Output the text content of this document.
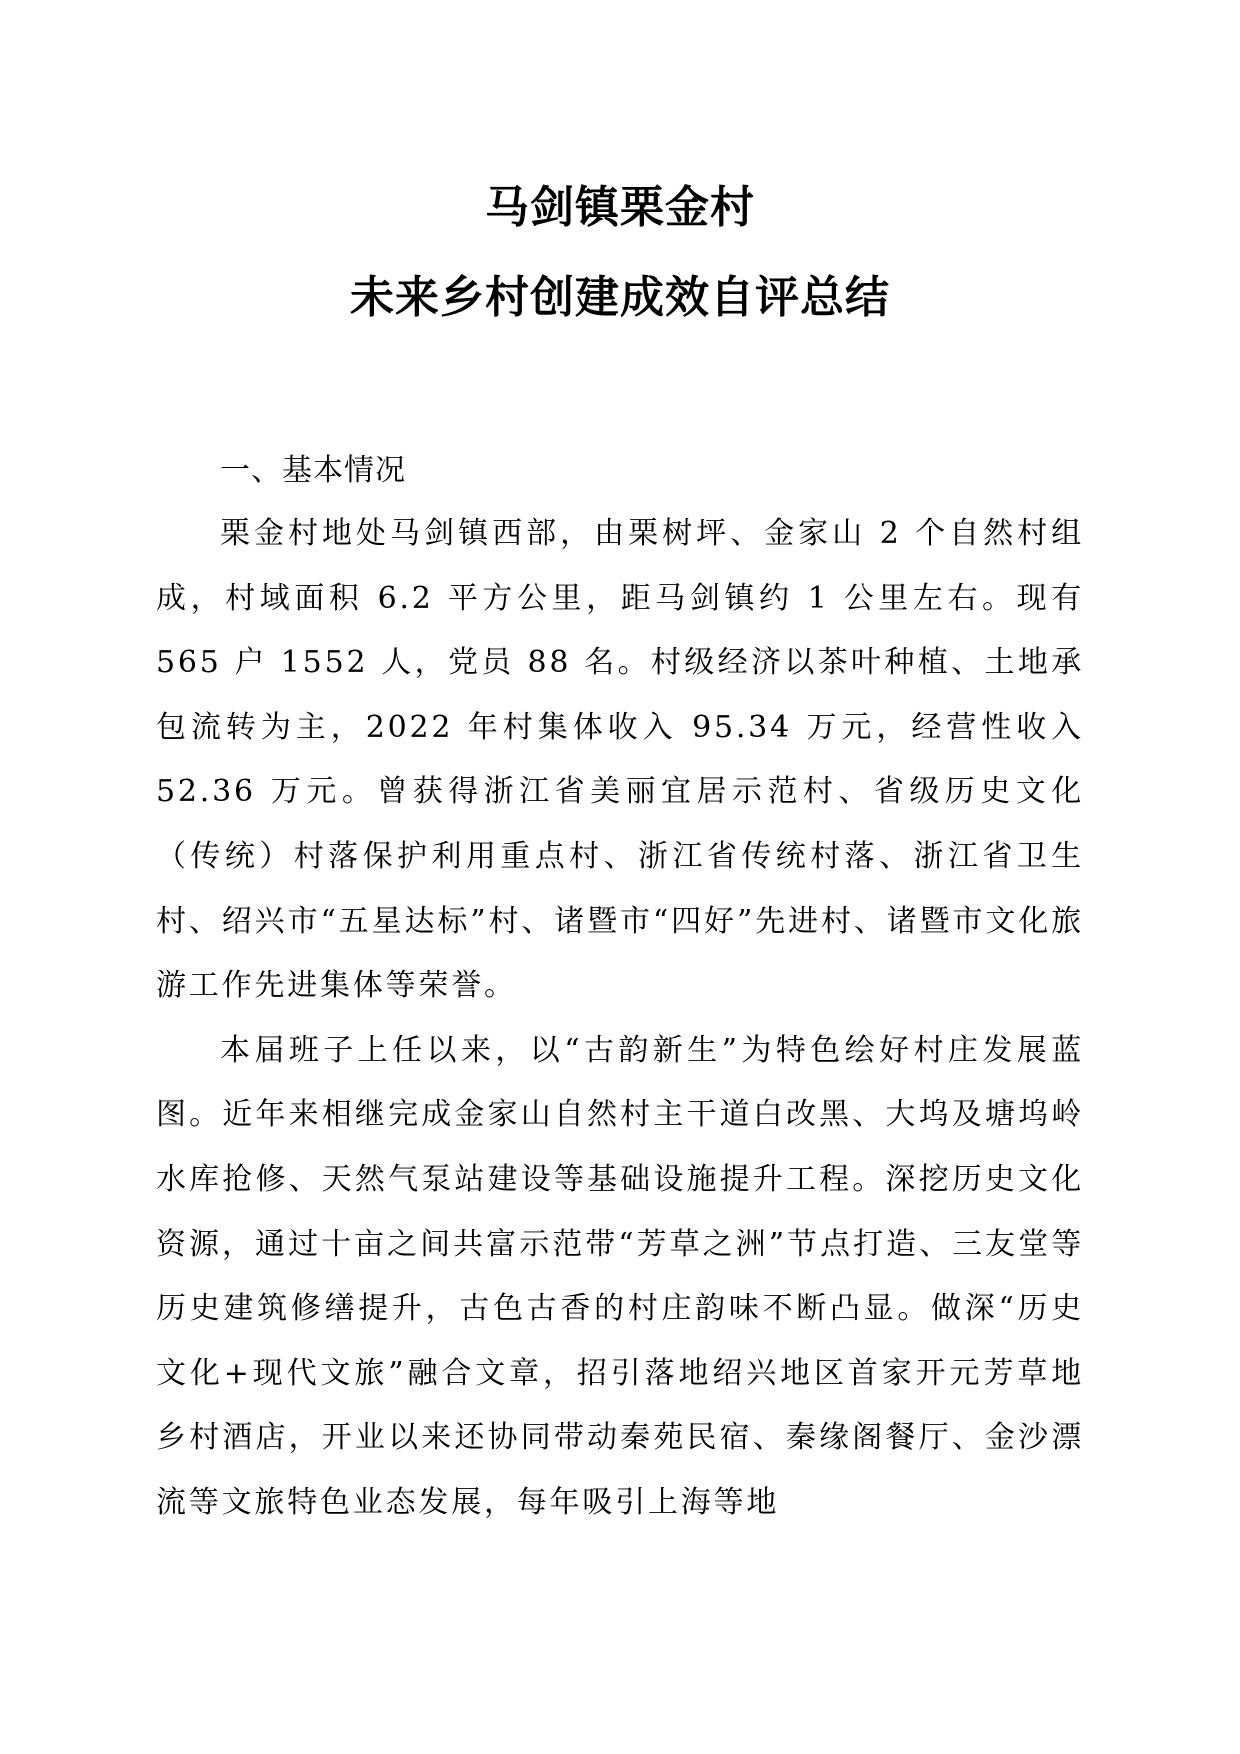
马剑镇栗金村
未来乡村创建成效自评总结

一、基本情况

栗金村地处马剑镇西部，由栗树坪、金家山 2 个自然村组成，村域面积 6.2 平方公里，距马剑镇约 1 公里左右。现有 565 户 1552 人，党员 88 名。村级经济以茶叶种植、土地承包流转为主，2022 年村集体收入 95.34 万元，经营性收入 52.36 万元。曾获得浙江省美丽宜居示范村、省级历史文化（传统）村落保护利用重点村、浙江省传统村落、浙江省卫生村、绍兴市“五星达标”村、诸暨市“四好”先进村、诸暨市文化旅游工作先进集体等荣誉。

本届班子上任以来，以“古韵新生”为特色绘好村庄发展蓝图。近年来相继完成金家山自然村主干道白改黑、大坞及塘坞岭水库抢修、天然气泵站建设等基础设施提升工程。深挖历史文化资源，通过十亩之间共富示范带“芳草之洲”节点打造、三友堂等历史建筑修缮提升，古色古香的村庄韵味不断凸显。做深“历史文化+现代文旅”融合文章，招引落地绍兴地区首家开元芳草地乡村酒店，开业以来还协同带动秦苑民宿、秦缘阁餐厅、金沙漂流等文旅特色业态发展，每年吸引上海等地
